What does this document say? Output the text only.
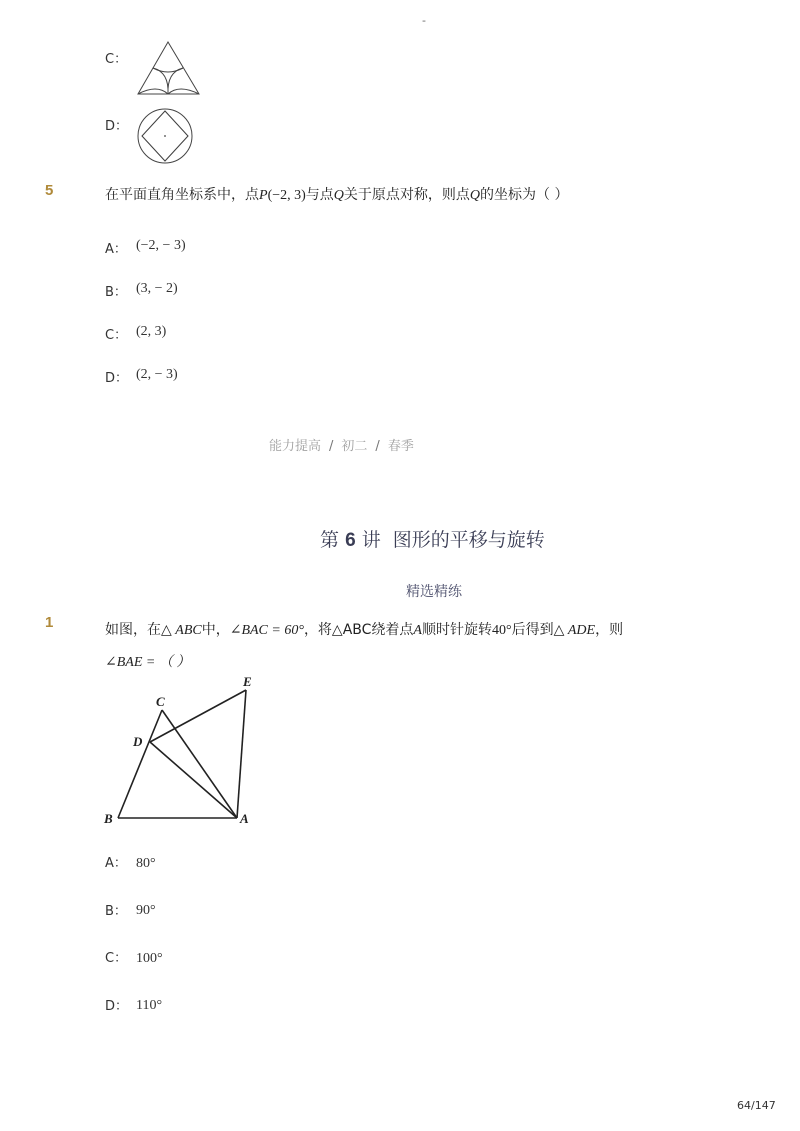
-
C：
D：
5	在平面直角坐标系中，点P(−2, 3)与点Q关于原点对称，则点Q的坐标为（ ）
A： (−2, − 3)
B： (3, − 2)
C： (2, 3)
D： (2, − 3)
能力提高 / 初二 / 春季
第 6 讲 图形的平移与旋转
精选精练
1	如图，在△ ABC中，∠BAC = 60°，将△ABC绕着点A顺时针旋转40°后得到△ ADE，则
∠BAE = （ ）
C
E
D
B	A
A： 80°
B： 90°
C： 100°
D： 110°
64/147
